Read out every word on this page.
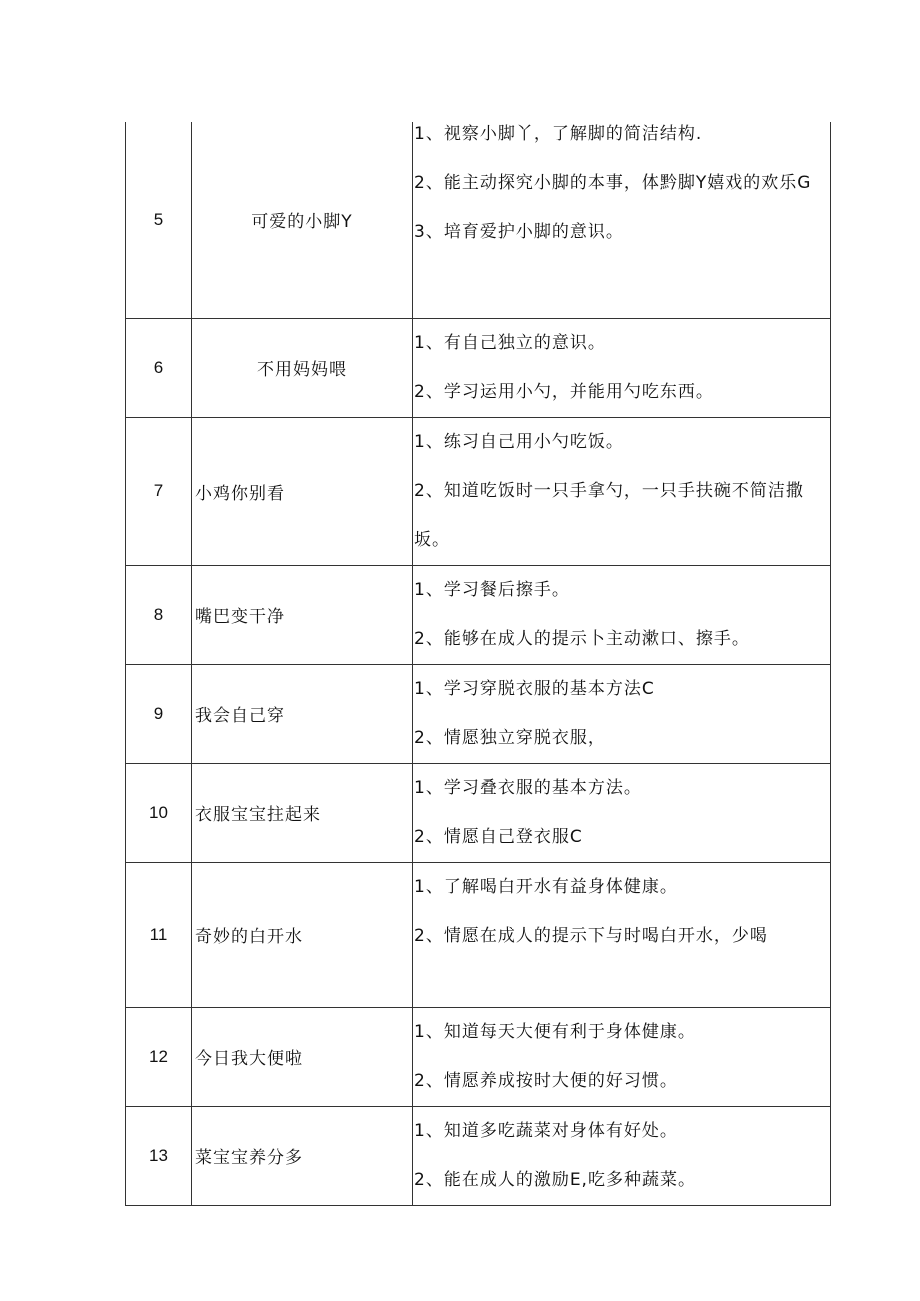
5	可爱的小脚Y	1、视察小脚丫，了解脚的简洁结构.
2、能主动探究小脚的本事，体黔脚Y嬉戏的欢乐G
3、培育爱护小脚的意识。

6	不用妈妈喂	1、有自己独立的意识。
2、学习运用小勺，并能用勺吃东西。

7	小鸡你别看	1、练习自己用小勺吃饭。
2、知道吃饭时一只手拿勺，一只手扶碗不简洁撒坂。

8	嘴巴变干净	1、学习餐后擦手。
2、能够在成人的提示卜主动漱口、擦手。

9	我会自己穿	1、学习穿脱衣服的基本方法C
2、情愿独立穿脱衣服，

10	衣服宝宝拄起来	1、学习叠衣服的基本方法。
2、情愿自己登衣服C

11	奇妙的白开水	1、了解喝白开水有益身体健康。
2、情愿在成人的提示下与时喝白开水，少喝

12	今日我大便啦	1、知道每天大便有利于身体健康。
2、情愿养成按时大便的好习惯。

13	菜宝宝养分多	1、知道多吃蔬菜对身体有好处。
2、能在成人的激励E,吃多种蔬菜。
